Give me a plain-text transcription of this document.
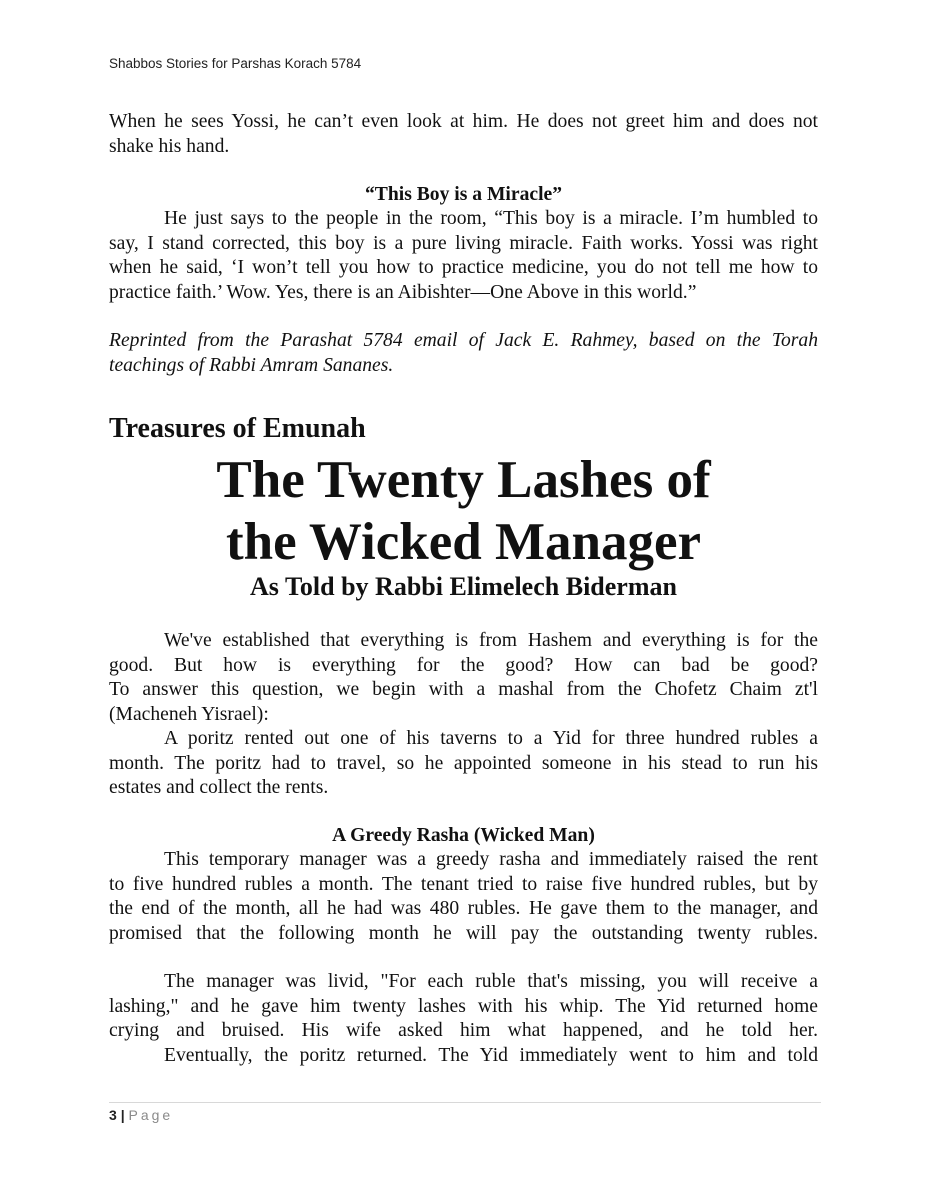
Shabbos Stories for Parshas Korach 5784
When he sees Yossi, he can’t even look at him. He does not greet him and does not
shake his hand.
“This Boy is a Miracle”
He just says to the people in the room, “This boy is a miracle. I’m humbled to
say, I stand corrected, this boy is a pure living miracle. Faith works. Yossi was right
when he said, ‘I won’t tell you how to practice medicine, you do not tell me how to
practice faith.’ Wow. Yes, there is an Aibishter—One Above in this world.”
Reprinted from the Parashat 5784 email of Jack E. Rahmey, based on the Torah
teachings of Rabbi Amram Sananes.
Treasures of Emunah
The Twenty Lashes of
the Wicked Manager
As Told by Rabbi Elimelech Biderman
We've established that everything is from Hashem and everything is for the
good. But how is everything for the good? How can bad be good?
To answer this question, we begin with a mashal from the Chofetz Chaim zt'l
(Macheneh Yisrael):
A poritz rented out one of his taverns to a Yid for three hundred rubles a
month. The poritz had to travel, so he appointed someone in his stead to run his
estates and collect the rents.
A Greedy Rasha (Wicked Man)
This temporary manager was a greedy rasha and immediately raised the rent
to five hundred rubles a month. The tenant tried to raise five hundred rubles, but by
the end of the month, all he had was 480 rubles. He gave them to the manager, and
promised that the following month he will pay the outstanding twenty rubles.
The manager was livid, "For each ruble that's missing, you will receive a
lashing," and he gave him twenty lashes with his whip. The Yid returned home
crying and bruised. His wife asked him what happened, and he told her.
Eventually, the poritz returned. The Yid immediately went to him and told
3 | Page
